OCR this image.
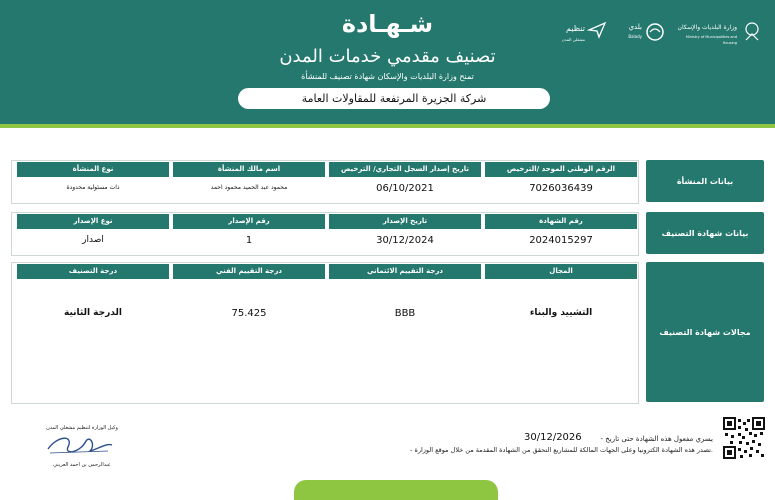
شـهـادة
تصنيف مقدمي خدمات المدن
تمنح وزارة البلديات والإسكان شهادة تصنيف للمنشأة
شركة الجزيرة المرتفعة للمقاولات العامة
وزارة البلديات والإسكان
Ministry of Municipalities and Housing
بلدي
Balady
تنظيم
مشغلي المدن
بيانات المنشأة
الرقم الوطني الموحد /الترخيص
تاريخ إصدار السجل التجاري/ الترخيص
اسم مالك المنشأة
نوع المنشأة
7026036439
06/10/2021
محمود عبد الحميد محمود احمد
ذات مسئولية محدودة
بيانات شهادة التصنيف
رقم الشهادة
تاريخ الإصدار
رقم الإصدار
نوع الإصدار
2024015297
30/12/2024
1
اصدار
مجالات شهادة التصنيف
المجال
درجة التقييم الائتماني
درجة التقييم الفني
درجة التصنيف
التشييد والبناء
BBB
75.425
الدرجة الثانية
- يسري مفعول هذه الشهادة حتى تاريخ
30/12/2026
- تصدر هذه الشهادة الكترونيا وعلى الجهات المالكة للمشاريع التحقق من الشهادة المقدمة من خلال موقع الوزارة.
وكيل الوزارة لتنظيم مشغلي المدن
عبدالرحمن بن احمد العريني
